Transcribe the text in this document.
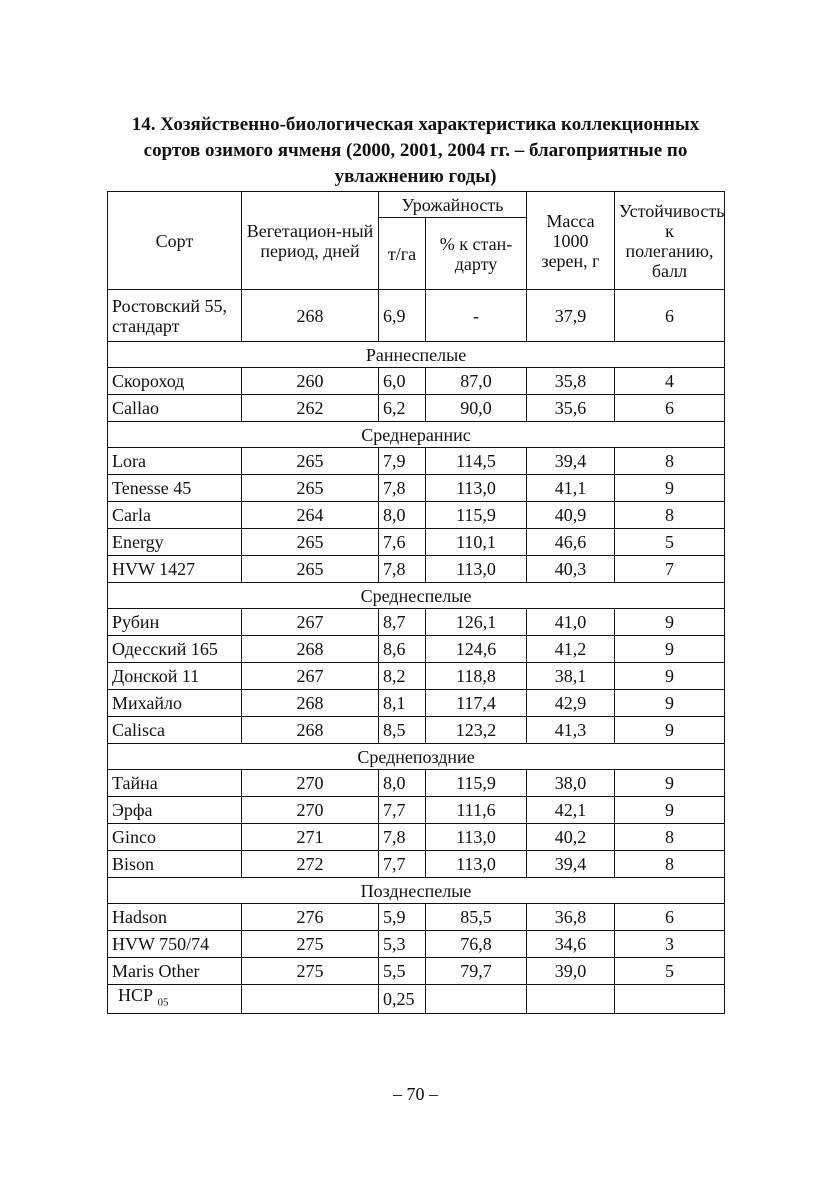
14. Хозяйственно-биологическая характеристика коллекционных
сортов озимого ячменя (2000, 2001, 2004 гг. – благоприятные по
увлажнению годы)
Сорт	Вегетацион-ный период, дней	Урожайность		Масса 1000 зерен, г	Устойчивость к полеганию, балл
		т/га	% к стан-дарту		
Ростовский 55, стандарт	268	6,9	-	37,9	6
Раннеспелые					
Скороход	260	6,0	87,0	35,8	4
Callao	262	6,2	90,0	35,6	6
Среднераннис					
Lora	265	7,9	114,5	39,4	8
Tenesse 45	265	7,8	113,0	41,1	9
Carla	264	8,0	115,9	40,9	8
Energy	265	7,6	110,1	46,6	5
HVW 1427	265	7,8	113,0	40,3	7
Среднеспелые					
Рубин	267	8,7	126,1	41,0	9
Одесский 165	268	8,6	124,6	41,2	9
Донской 11	267	8,2	118,8	38,1	9
Михайло	268	8,1	117,4	42,9	9
Calisca	268	8,5	123,2	41,3	9
Среднепоздние					
Тайна	270	8,0	115,9	38,0	9
Эрфа	270	7,7	111,6	42,1	9
Ginco	271	7,8	113,0	40,2	8
Bison	272	7,7	113,0	39,4	8
Позднеспелые					
Hadson	276	5,9	85,5	36,8	6
HVW 750/74	275	5,3	76,8	34,6	3
Maris Other	275	5,5	79,7	39,0	5
НСР $_{05}$		0,25			
– 70 –
